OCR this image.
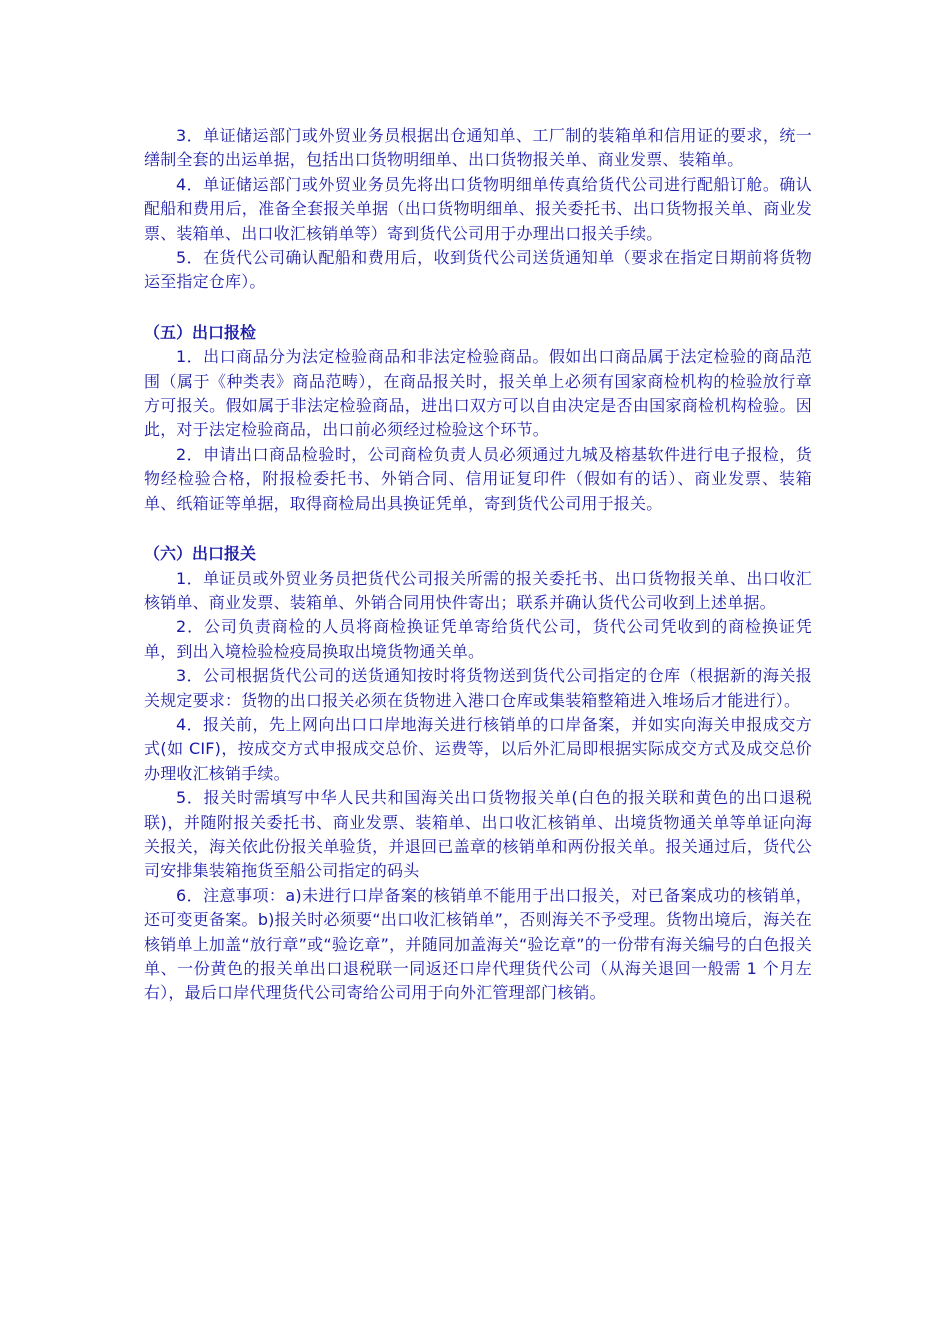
3．单证储运部门或外贸业务员根据出仓通知单、工厂制的装箱单和信用证的要求，统一缮制全套的出运单据，包括出口货物明细单、出口货物报关单、商业发票、装箱单。

4．单证储运部门或外贸业务员先将出口货物明细单传真给货代公司进行配船订舱。确认配船和费用后，准备全套报关单据（出口货物明细单、报关委托书、出口货物报关单、商业发票、装箱单、出口收汇核销单等）寄到货代公司用于办理出口报关手续。

5．在货代公司确认配船和费用后，收到货代公司送货通知单（要求在指定日期前将货物运至指定仓库）。

（五）出口报检

1．出口商品分为法定检验商品和非法定检验商品。假如出口商品属于法定检验的商品范围（属于《种类表》商品范畴），在商品报关时，报关单上必须有国家商检机构的检验放行章方可报关。假如属于非法定检验商品，进出口双方可以自由决定是否由国家商检机构检验。因此，对于法定检验商品，出口前必须经过检验这个环节。

2．申请出口商品检验时，公司商检负责人员必须通过九城及榕基软件进行电子报检，货物经检验合格，附报检委托书、外销合同、信用证复印件（假如有的话）、商业发票、装箱单、纸箱证等单据，取得商检局出具换证凭单，寄到货代公司用于报关。

（六）出口报关

1．单证员或外贸业务员把货代公司报关所需的报关委托书、出口货物报关单、出口收汇核销单、商业发票、装箱单、外销合同用快件寄出；联系并确认货代公司收到上述单据。

2．公司负责商检的人员将商检换证凭单寄给货代公司，货代公司凭收到的商检换证凭单，到出入境检验检疫局换取出境货物通关单。

3．公司根据货代公司的送货通知按时将货物送到货代公司指定的仓库（根据新的海关报关规定要求：货物的出口报关必须在货物进入港口仓库或集装箱整箱进入堆场后才能进行）。

4．报关前，先上网向出口口岸地海关进行核销单的口岸备案，并如实向海关申报成交方式(如 CIF)，按成交方式申报成交总价、运费等，以后外汇局即根据实际成交方式及成交总价办理收汇核销手续。

5．报关时需填写中华人民共和国海关出口货物报关单(白色的报关联和黄色的出口退税联)，并随附报关委托书、商业发票、装箱单、出口收汇核销单、出境货物通关单等单证向海关报关，海关依此份报关单验货，并退回已盖章的核销单和两份报关单。报关通过后，货代公司安排集装箱拖货至船公司指定的码头

6．注意事项：a)未进行口岸备案的核销单不能用于出口报关，对已备案成功的核销单，还可变更备案。b)报关时必须要“出口收汇核销单”，否则海关不予受理。货物出境后，海关在核销单上加盖“放行章”或“验讫章”，并随同加盖海关“验讫章”的一份带有海关编号的白色报关单、一份黄色的报关单出口退税联一同返还口岸代理货代公司（从海关退回一般需 1 个月左右），最后口岸代理货代公司寄给公司用于向外汇管理部门核销。
